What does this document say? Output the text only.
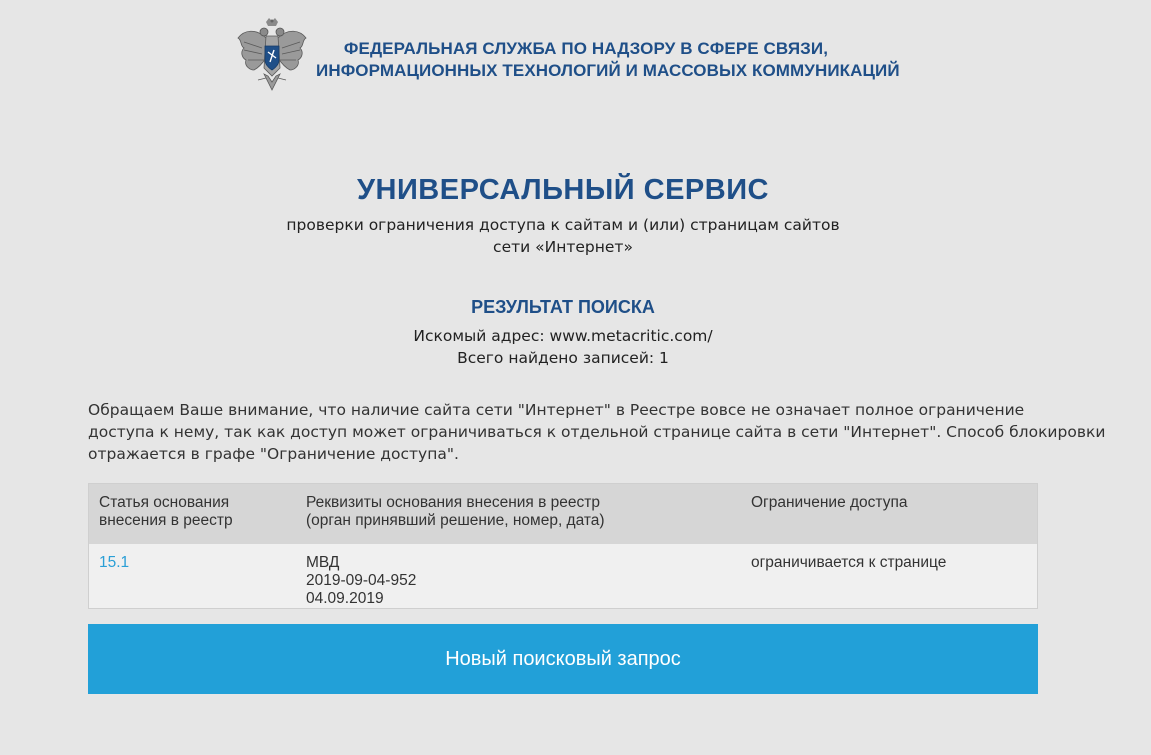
ФЕДЕРАЛЬНАЯ СЛУЖБА ПО НАДЗОРУ В СФЕРЕ СВЯЗИ,
ИНФОРМАЦИОННЫХ ТЕХНОЛОГИЙ И МАССОВЫХ КОММУНИКАЦИЙ
УНИВЕРСАЛЬНЫЙ СЕРВИС
проверки ограничения доступа к сайтам и (или) страницам сайтов
сети «Интернет»
РЕЗУЛЬТАТ ПОИСКА
Искомый адрес: www.metacritic.com/
Всего найдено записей: 1
Обращаем Ваше внимание, что наличие сайта сети "Интернет" в Реестре вовсе не означает полное ограничение
доступа к нему, так как доступ может ограничиваться к отдельной странице сайта в сети "Интернет". Способ блокировки
отражается в графе "Ограничение доступа".
Статья основания
внесения в реестр
Реквизиты основания внесения в реестр
(орган принявший решение, номер, дата)
Ограничение доступа
15.1	МВД
2019-09-04-952
04.09.2019
ограничивается к странице
Новый поисковый запрос
